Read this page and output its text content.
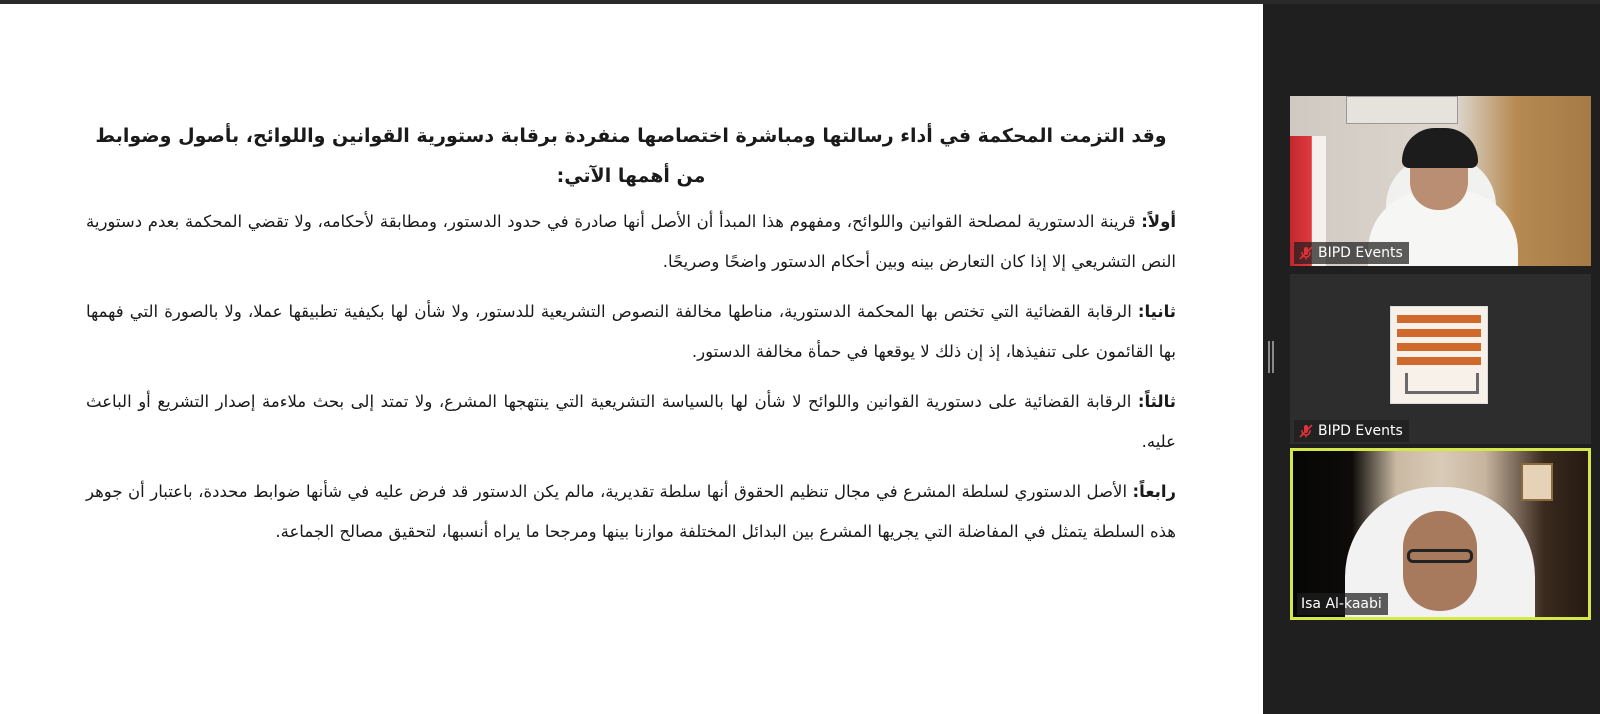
وقد التزمت المحكمة في أداء رسالتها ومباشرة اختصاصها منفردة برقابة دستورية القوانين واللوائح، بأصول وضوابط من أهمها الآتي:

أولاً: قرينة الدستورية لمصلحة القوانين واللوائح، ومفهوم هذا المبدأ أن الأصل أنها صادرة في حدود الدستور، ومطابقة لأحكامه، ولا تقضي المحكمة بعدم دستورية النص التشريعي إلا إذا كان التعارض بينه وبين أحكام الدستور واضحًا وصريحًا.

ثانيا: الرقابة القضائية التي تختص بها المحكمة الدستورية، مناطها مخالفة النصوص التشريعية للدستور، ولا شأن لها بكيفية تطبيقها عملا، ولا بالصورة التي فهمها بها القائمون على تنفيذها، إذ إن ذلك لا يوقعها في حمأة مخالفة الدستور.

ثالثاً: الرقابة القضائية على دستورية القوانين واللوائح لا شأن لها بالسياسة التشريعية التي ينتهجها المشرع، ولا تمتد إلى بحث ملاءمة إصدار التشريع أو الباعث عليه.

رابعاً: الأصل الدستوري لسلطة المشرع في مجال تنظيم الحقوق أنها سلطة تقديرية، مالم يكن الدستور قد فرض عليه في شأنها ضوابط محددة، باعتبار أن جوهر هذه السلطة يتمثل في المفاضلة التي يجريها المشرع بين البدائل المختلفة موازنا بينها ومرجحا ما يراه أنسبها، لتحقيق مصالح الجماعة.

BIPD Events
BIPD Events
Isa Al-kaabi
